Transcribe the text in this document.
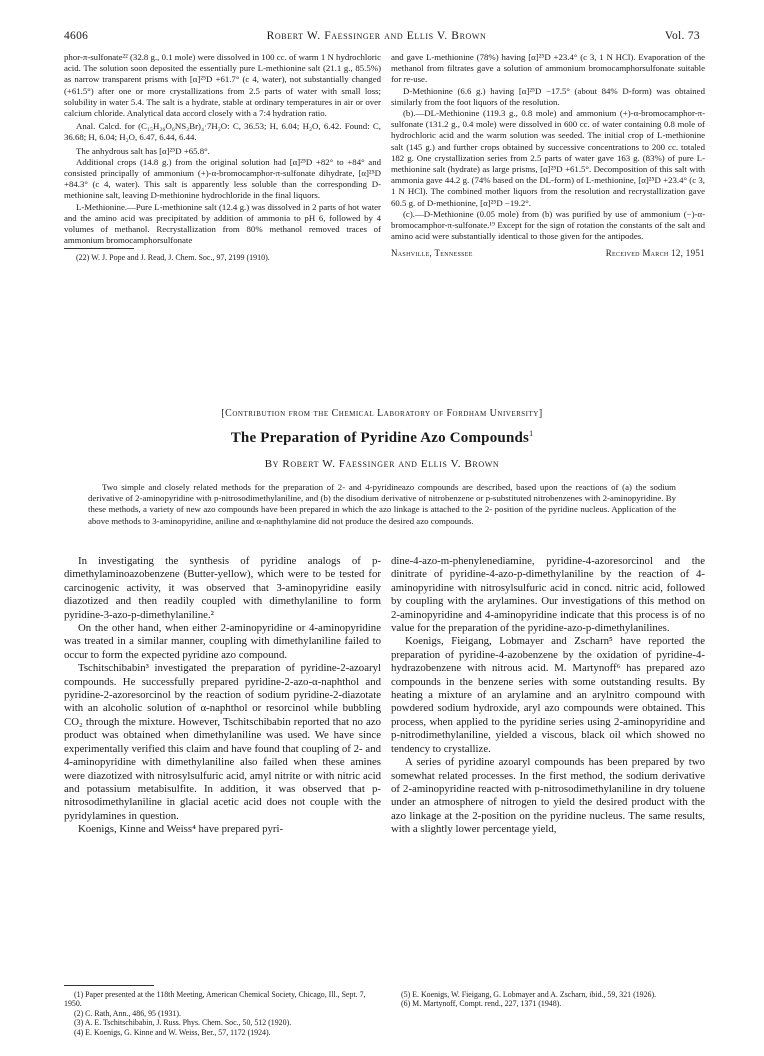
4606	Robert W. Faessinger and Ellis V. Brown	Vol. 73

phor-π-sulfonate²² (32.8 g., 0.1 mole) were dissolved in 100 cc. of warm 1 N hydrochloric acid. The solution soon deposited the essentially pure L-methionine salt (21.1 g., 85.5%) as narrow transparent prisms with [α]²⁵D +61.7° (c 4, water), not substantially changed (+61.5°) after one or more crystallizations from 2.5 parts of water with small loss; solubility in water 5.4. The salt is a hydrate, stable at ordinary temperatures in air or over calcium chloride. Analytical data accord closely with a 7:4 hydration ratio.

Anal. Calcd. for (C₁₅H₂₆O₆NS₂Br)₄·7H₂O: C, 36.53; H, 6.04; H₂O, 6.42. Found: C, 36.68; H, 6.04; H₂O, 6.47, 6.44, 6.44.

The anhydrous salt has [α]²⁵D +65.8°.

Additional crops (14.8 g.) from the original solution had [α]²⁵D +82° to +84° and consisted principally of ammonium (+)-α-bromocamphor-π-sulfonate dihydrate, [α]²⁵D +84.3° (c 4, water). This salt is apparently less soluble than the corresponding D-methionine salt, leaving D-methionine hydrochloride in the final liquors.

L-Methionine.—Pure L-methionine salt (12.4 g.) was dissolved in 2 parts of hot water and the amino acid was precipitated by addition of ammonia to pH 6, followed by 4 volumes of methanol. Recrystallization from 80% methanol removed traces of ammonium bromocamphorsulfonate

(22) W. J. Pope and J. Read, J. Chem. Soc., 97, 2199 (1910).

and gave L-methionine (78%) having [α]²⁵D +23.4° (c 3, 1 N HCl). Evaporation of the methanol from filtrates gave a solution of ammonium bromocamphorsulfonate suitable for re-use.

D-Methionine (6.6 g.) having [α]²⁵D −17.5° (about 84% D-form) was obtained similarly from the foot liquors of the resolution.

(b).—DL-Methionine (119.3 g., 0.8 mole) and ammonium (+)-α-bromocamphor-π-sulfonate (131.2 g., 0.4 mole) were dissolved in 600 cc. of water containing 0.8 mole of hydrochloric acid and the warm solution was seeded. The initial crop of L-methionine salt (145 g.) and further crops obtained by successive concentrations to 200 cc. totaled 182 g. One crystallization series from 2.5 parts of water gave 163 g. (83%) of pure L-methionine salt (hydrate) as large prisms, [α]²⁵D +61.5°. Decomposition of this salt with ammonia gave 44.2 g. (74% based on the DL-form) of L-methionine, [α]²⁵D +23.4° (c 3, 1 N HCl). The combined mother liquors from the resolution and recrystallization gave 60.5 g. of D-methionine, [α]²⁵D −19.2°.

(c).—D-Methionine (0.05 mole) from (b) was purified by use of ammonium (−)-α-bromocamphor-π-sulfonate.¹⁹ Except for the sign of rotation the constants of the salt and amino acid were substantially identical to those given for the antipodes.

Nashville, Tennessee	Received March 12, 1951
[Contribution from the Chemical Laboratory of Fordham University]
The Preparation of Pyridine Azo Compounds$^1$
By Robert W. Faessinger and Ellis V. Brown

Two simple and closely related methods for the preparation of 2- and 4-pyridineazo compounds are described, based upon the reactions of (a) the sodium derivative of 2-aminopyridine with p-nitrosodimethylaniline, and (b) the disodium derivative of nitrobenzene or p-substituted nitrobenzenes with 2-aminopyridine. By these methods, a variety of new azo compounds have been prepared in which the azo linkage is attached to the 2- position of the pyridine nucleus. Application of the above methods to 3-aminopyridine, aniline and α-naphthylamine did not produce the desired azo compounds.

In investigating the synthesis of pyridine analogs of p-dimethylaminoazobenzene (Butter-yellow), which were to be tested for carcinogenic activity, it was observed that 3-aminopyridine easily diazotized and then readily coupled with dimethylaniline to form pyridine-3-azo-p-dimethylaniline.²

On the other hand, when either 2-aminopyridine or 4-aminopyridine was treated in a similar manner, coupling with dimethylaniline failed to occur to form the expected pyridine azo compound.

Tschitschibabin³ investigated the preparation of pyridine-2-azoaryl compounds. He successfully prepared pyridine-2-azo-α-naphthol and pyridine-2-azoresorcinol by the reaction of sodium pyridine-2-diazotate with an alcoholic solution of α-naphthol or resorcinol while bubbling CO₂ through the mixture. However, Tschitschibabin reported that no azo product was obtained when dimethylaniline was used. We have since experimentally verified this claim and have found that coupling of 2- and 4-aminopyridine with dimethylaniline also failed when these amines were diazotized with nitrosylsulfuric acid, amyl nitrite or with nitric acid and potassium metabisulfite. In addition, it was observed that p-nitrosodimethylaniline in glacial acetic acid does not couple with the pyridylamines in question.

Koenigs, Kinne and Weiss⁴ have prepared pyri-

dine-4-azo-m-phenylenediamine, pyridine-4-azoresorcinol and the dinitrate of pyridine-4-azo-p-dimethylaniline by the reaction of 4-aminopyridine with nitrosylsulfuric acid in concd. nitric acid, followed by coupling with the arylamines. Our investigations of this method on 2-aminopyridine and 4-aminopyridine indicate that this process is of no value for the preparation of the pyridine-azo-p-dimethylanilines.

Koenigs, Fieigang, Lobmayer and Zscharn⁵ have reported the preparation of pyridine-4-azobenzene by the oxidation of pyridine-4-hydrazobenzene with nitrous acid. M. Martynoff⁶ has prepared azo compounds in the benzene series with some outstanding results. By heating a mixture of an arylamine and an arylnitro compound with powdered sodium hydroxide, aryl azo compounds were obtained. This process, when applied to the pyridine series using 2-aminopyridine and p-nitrodimethylaniline, yielded a viscous, black oil which showed no tendency to crystallize.

A series of pyridine azoaryl compounds has been prepared by two somewhat related processes. In the first method, the sodium derivative of 2-aminopyridine reacted with p-nitrosodimethylaniline in dry toluene under an atmosphere of nitrogen to yield the desired product with the azo linkage at the 2-position on the pyridine nucleus. The same results, with a slightly lower percentage yield,

(1) Paper presented at the 118th Meeting, American Chemical Society, Chicago, Ill., Sept. 7, 1950.

(2) C. Rath, Ann., 486, 95 (1931).

(3) A. E. Tschitschibabin, J. Russ. Phys. Chem. Soc., 50, 512 (1920).

(4) E. Koenigs, G. Kinne and W. Weiss, Ber., 57, 1172 (1924).

(5) E. Koenigs, W. Fieigang, G. Lobmayer and A. Zscharn, ibid., 59, 321 (1926).

(6) M. Martynoff, Compt. rend., 227, 1371 (1948).
